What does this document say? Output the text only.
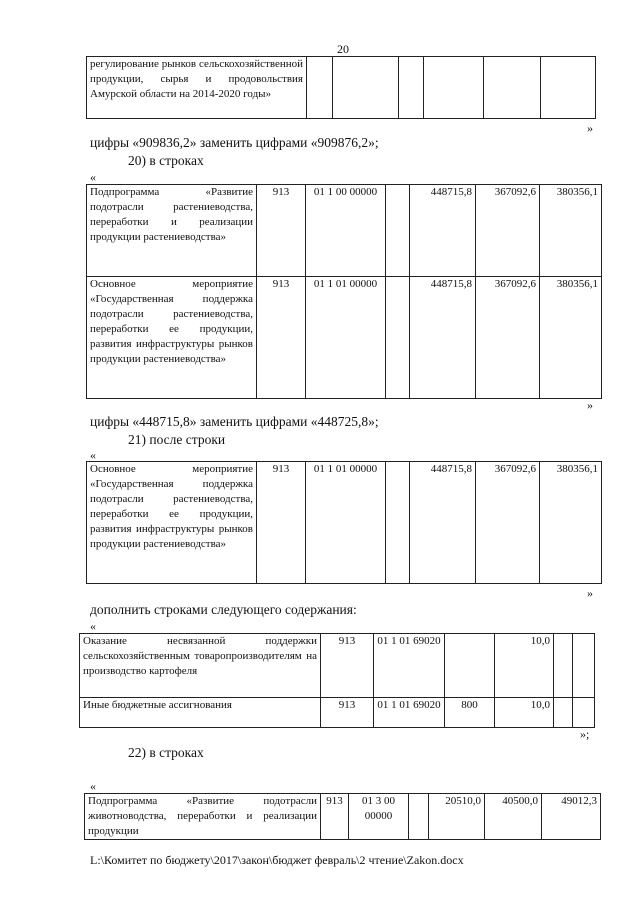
20
регулирование рынков сельскохозяйственной продукции, сырья и продовольствия Амурской области на 2014-2020 годы»						
»
цифры «909836,2» заменить цифрами «909876,2»;
20) в строках
«
Подпрограмма «Развитие подотрасли растениеводства, переработки и реализации продукции растениеводства»	913	01 1 00 00000		448715,8	367092,6	380356,1
Основное мероприятие «Государственная поддержка подотрасли растениеводства, переработки ее продукции, развития инфраструктуры рынков продукции растениеводства»	913	01 1 01 00000		448715,8	367092,6	380356,1
»
цифры «448715,8» заменить цифрами «448725,8»;
21) после строки
«
Основное мероприятие «Государственная поддержка подотрасли растениеводства, переработки ее продукции, развития инфраструктуры рынков продукции растениеводства»	913	01 1 01 00000		448715,8	367092,6	380356,1
»
дополнить строками следующего содержания:
«
Оказание несвязанной поддержки сельскохозяйственным товаропроизводителям на производство картофеля	913	01 1 01 69020		10,0		
Иные бюджетные ассигнования	913	01 1 01 69020	800	10,0		
»;
22) в строках
«
Подпрограмма «Развитие подотрасли животноводства, переработки и реализации продукции	913	01 3 00 00000		20510,0	40500,0	49012,3
L:\Комитет по бюджету\2017\закон\бюджет февраль\2 чтение\Zakon.docx
